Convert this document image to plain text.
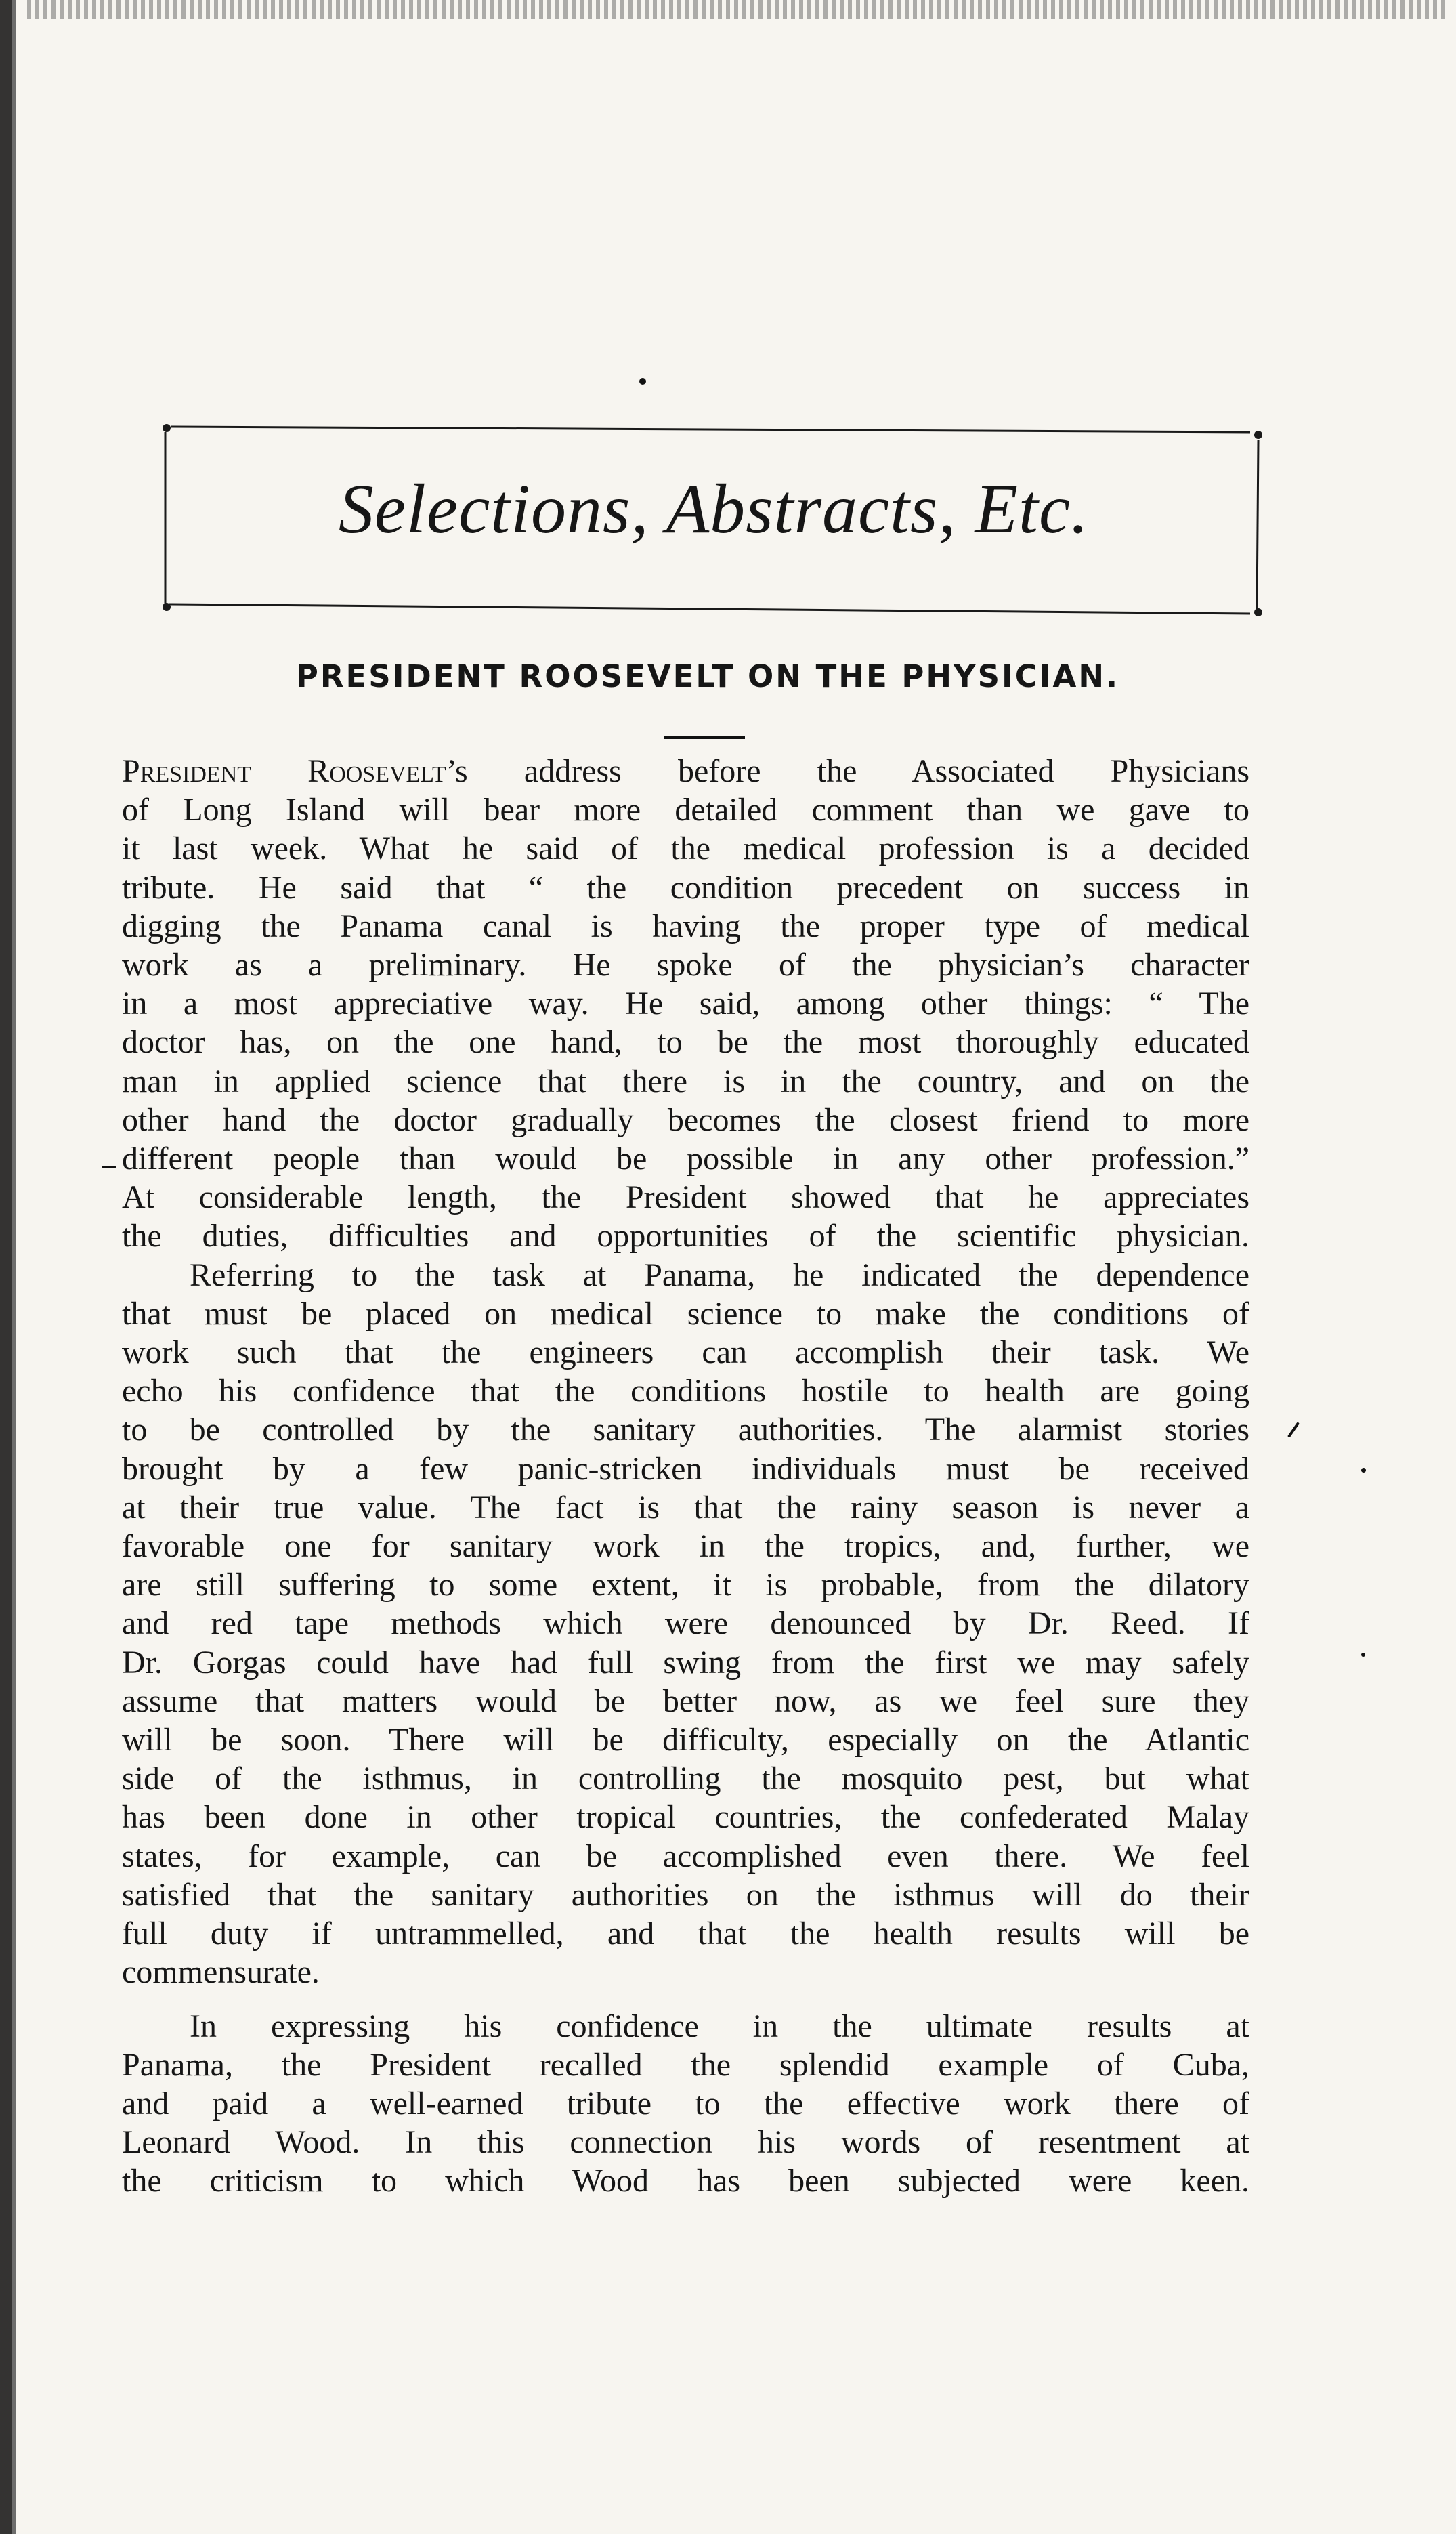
Selections, Abstracts, Etc.
PRESIDENT ROOSEVELT ON THE PHYSICIAN.

President Roosevelt’s address before the Associated Physicians
of Long Island will bear more detailed comment than we gave to
it last week. What he said of the medical profession is a decided
tribute. He said that “ the condition precedent on success in
digging the Panama canal is having the proper type of medical
work as a preliminary. He spoke of the physician’s character
in a most appreciative way. He said, among other things: “ The
doctor has, on the one hand, to be the most thoroughly educated
man in applied science that there is in the country, and on the
other hand the doctor gradually becomes the closest friend to more
different people than would be possible in any other profession.”
At considerable length, the President showed that he appreciates
the duties, difficulties and opportunities of the scientific physician.

Referring to the task at Panama, he indicated the dependence
that must be placed on medical science to make the conditions of
work such that the engineers can accomplish their task. We
echo his confidence that the conditions hostile to health are going
to be controlled by the sanitary authorities. The alarmist stories
brought by a few panic-stricken individuals must be received
at their true value. The fact is that the rainy season is never a
favorable one for sanitary work in the tropics, and, further, we
are still suffering to some extent, it is probable, from the dilatory
and red tape methods which were denounced by Dr. Reed. If
Dr. Gorgas could have had full swing from the first we may safely
assume that matters would be better now, as we feel sure they
will be soon. There will be difficulty, especially on the Atlantic
side of the isthmus, in controlling the mosquito pest, but what
has been done in other tropical countries, the confederated Malay
states, for example, can be accomplished even there. We feel
satisfied that the sanitary authorities on the isthmus will do their
full duty if untrammelled, and that the health results will be
commensurate.

In expressing his confidence in the ultimate results at
Panama, the President recalled the splendid example of Cuba,
and paid a well-earned tribute to the effective work there of
Leonard Wood. In this connection his words of resentment at
the criticism to which Wood has been subjected were keen.
